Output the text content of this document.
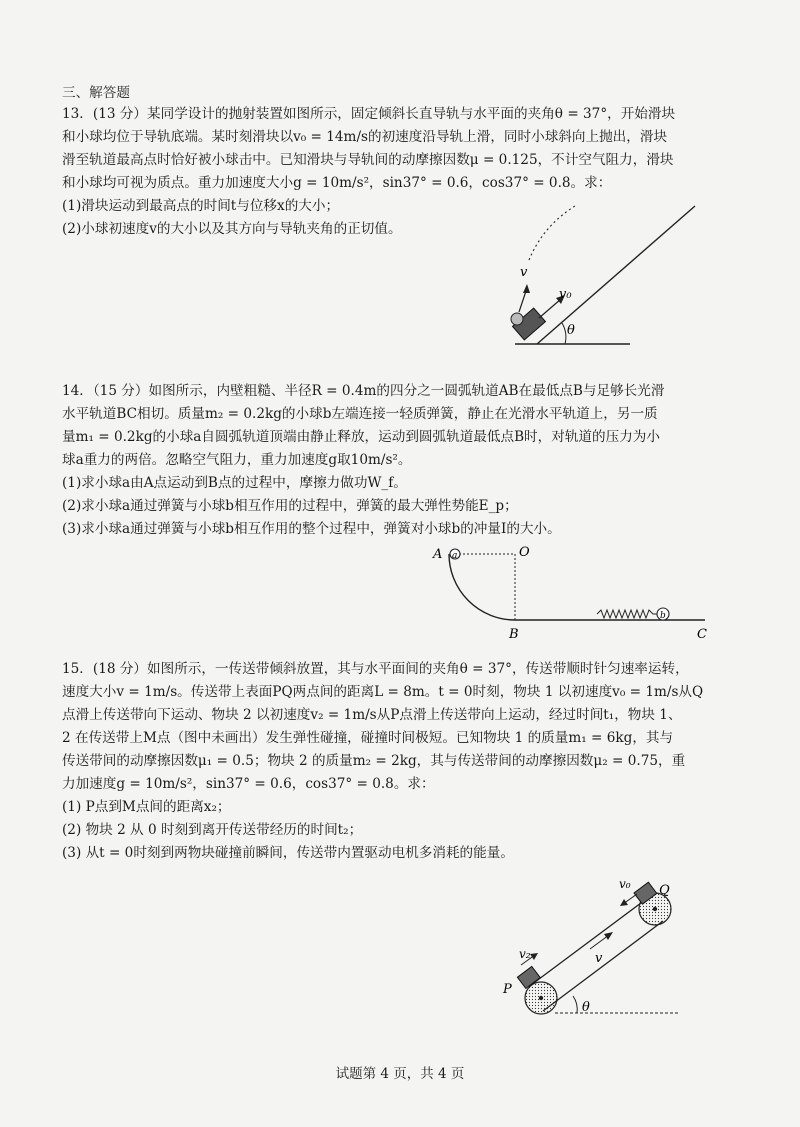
三、解答题
13．(13 分）某同学设计的抛射装置如图所示，固定倾斜长直导轨与水平面的夹角θ = 37°，开始滑块
和小球均位于导轨底端。某时刻滑块以v₀ = 14m/s的初速度沿导轨上滑，同时小球斜向上抛出，滑块
滑至轨道最高点时恰好被小球击中。已知滑块与导轨间的动摩擦因数μ = 0.125，不计空气阻力，滑块
和小球均可视为质点。重力加速度大小g = 10m/s²，sin37° = 0.6，cos37° = 0.8。求：
(1)滑块运动到最高点的时间t与位移x的大小；
(2)小球初速度v的大小以及其方向与导轨夹角的正切值。
θ
v
v₀
14．（15 分）如图所示，内壁粗糙、半径R = 0.4m的四分之一圆弧轨道AB在最低点B与足够长光滑
水平轨道BC相切。质量m₂ = 0.2kg的小球b左端连接一轻质弹簧，静止在光滑水平轨道上，另一质
量m₁ = 0.2kg的小球a自圆弧轨道顶端由静止释放，运动到圆弧轨道最低点B时，对轨道的压力为小
球a重力的两倍。忽略空气阻力，重力加速度g取10m/s²。
(1)求小球a由A点运动到B点的过程中，摩擦力做功W_f。
(2)求小球a通过弹簧与小球b相互作用的过程中，弹簧的最大弹性势能E_p；
(3)求小球a通过弹簧与小球b相互作用的整个过程中，弹簧对小球b的冲量I的大小。
a
A	O
B	C
b
15．(18 分）如图所示，一传送带倾斜放置，其与水平面间的夹角θ = 37°，传送带顺时针匀速率运转，
速度大小v = 1m/s。传送带上表面PQ两点间的距离L = 8m。t = 0时刻，物块 1 以初速度v₀ = 1m/s从Q
点滑上传送带向下运动、物块 2 以初速度v₂ = 1m/s从P点滑上传送带向上运动，经过时间t₁，物块 1、
2 在传送带上M点（图中未画出）发生弹性碰撞，碰撞时间极短。已知物块 1 的质量m₁ = 6kg，其与
传送带间的动摩擦因数μ₁ = 0.5；物块 2 的质量m₂ = 2kg，其与传送带间的动摩擦因数μ₂ = 0.75，重
力加速度g = 10m/s²，sin37° = 0.6，cos37° = 0.8。求：
(1) P点到M点间的距离x₂；
(2) 物块 2 从 0 时刻到离开传送带经历的时间t₂；
(3) 从t = 0时刻到两物块碰撞前瞬间，传送带内置驱动电机多消耗的能量。
θ
P
v₂
Q
v₀
v
试题第 4 页，共 4 页
